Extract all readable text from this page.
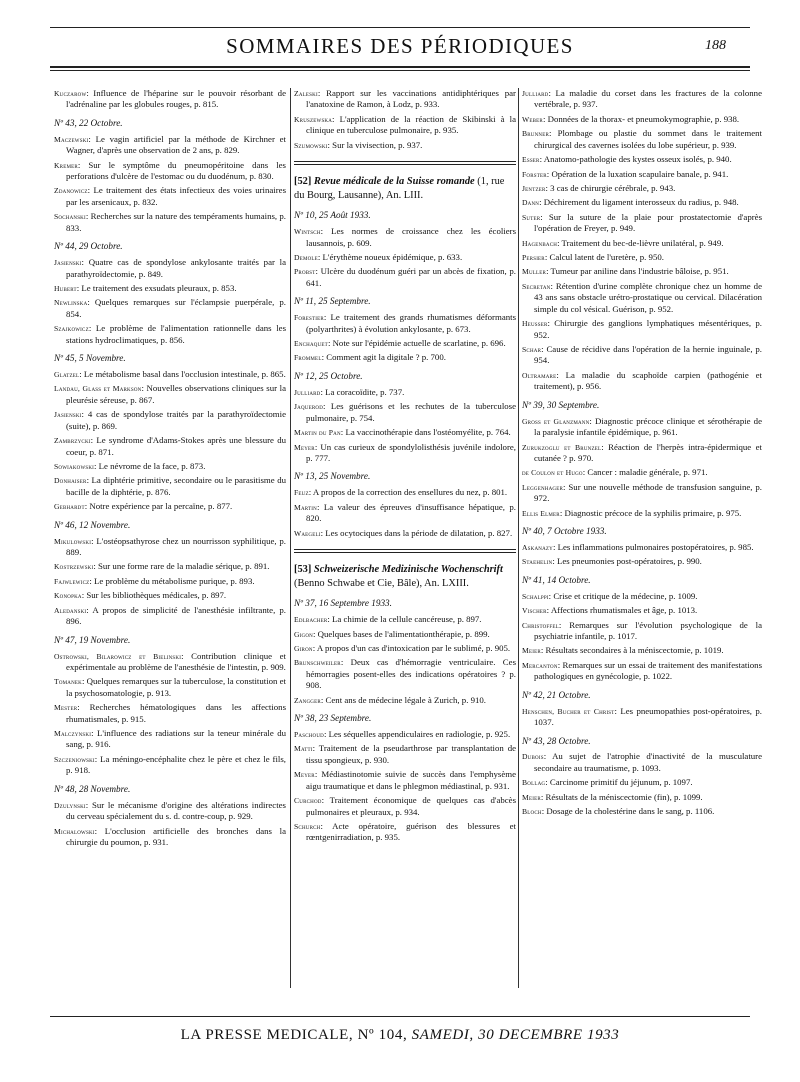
SOMMAIRES DES PÉRIODIQUES	188
Kuczarow: Influence de l'héparine sur le pouvoir résorbant de l'adrénaline par les globules rouges, p. 815.
Nº 43, 22 Octobre.
Maczewski: Le vagin artificiel par la méthode de Kirchner et Wagner, d'après une observation de 2 ans, p. 829.
Kremer: Sur le symptôme du pneumopéritoine dans les perforations d'ulcère de l'estomac ou du duodénum, p. 830.
Zdanowicz: Le traitement des états infectieux des voies urinaires par les arsenicaux, p. 832.
Sochanski: Recherches sur la nature des tempéraments humains, p. 833.
Nº 44, 29 Octobre.
Jasienski: Quatre cas de spondylose ankylosante traités par la parathyroïdectomie, p. 849.
Hubert: Le traitement des exsudats pleuraux, p. 853.
Newlinska: Quelques remarques sur l'éclampsie puerpérale, p. 854.
Szajkowicz: Le problème de l'alimentation rationnelle dans les stations hydroclimatiques, p. 856.
Nº 45, 5 Novembre.
Glatzel: Le métabolisme basal dans l'occlusion intestinale, p. 865.
Landau, Glass et Markson: Nouvelles observations cliniques sur la pleurésie séreuse, p. 867.
Jasienski: 4 cas de spondylose traités par la parathyroïdectomie (suite), p. 869.
Zambrzycki: Le syndrome d'Adams-Stokes après une blessure du coeur, p. 871.
Sowiakowski: Le névrome de la face, p. 873.
Donhaiser: La diphtérie primitive, secondaire ou le parasitisme du bacille de la diphtérie, p. 876.
Gebhardt: Notre expérience par la percaïne, p. 877.
Nº 46, 12 Novembre.
Mikulowski: L'ostéopsathyrose chez un nourrisson syphilitique, p. 889.
Kostrzewski: Sur une forme rare de la maladie sérique, p. 891.
Fajwlewicz: Le problème du métabolisme purique, p. 893.
Konopka: Sur les bibliothèques médicales, p. 897.
Aledanski: A propos de simplicité de l'anesthésie infiltrante, p. 896.
Nº 47, 19 Novembre.
Ostrowski, Bilarowicz et Bielinski: Contribution clinique et expérimentale au problème de l'anesthésie de l'intestin, p. 909.
Tomanek: Quelques remarques sur la tuberculose, la constitution et la psychosomatologie, p. 913.
Mester: Recherches hématologiques dans les affections rhumatismales, p. 915.
Malczynski: L'influence des radiations sur la teneur minérale du sang, p. 916.
Szczeniowski: La méningo-encéphalite chez le père et chez le fils, p. 918.
Nº 48, 28 Novembre.
Dzulynski: Sur le mécanisme d'origine des altérations indirectes du cerveau spécialement du s. d. contre-coup, p. 929.
Michalowski: L'occlusion artificielle des bronches dans la chirurgie du poumon, p. 931.
Zaleski: Rapport sur les vaccinations antidiphtériques par l'anatoxine de Ramon, à Lodz, p. 933.
Kruszewska: L'application de la réaction de Skibinski à la clinique en tuberculose pulmonaire, p. 935.
Szumowski: Sur la vivisection, p. 937.
[52] Revue médicale de la Suisse romande (1, rue du Bourg, Lausanne), An. LIII.
Nº 10, 25 Août 1933.
Wintsch: Les normes de croissance chez les écoliers lausannois, p. 609.
Demole: L'érythème noueux épidémique, p. 633.
Probst: Ulcère du duodénum guéri par un abcès de fixation, p. 641.
Nº 11, 25 Septembre.
Forestier: Le traitement des grands rhumatismes déformants (polyarthrites) à évolution ankylosante, p. 673.
Enchaquet: Note sur l'épidémie actuelle de scarlatine, p. 696.
Frommel: Comment agit la digitale ? p. 700.
Nº 12, 25 Octobre.
Julliard: La coracoïdite, p. 737.
Jaquerod: Les guérisons et les rechutes de la tuberculose pulmonaire, p. 754.
Martin du Pan: La vaccinothérapie dans l'ostéomyélite, p. 764.
Meyer: Un cas curieux de spondylolisthésis juvénile indolore, p. 777.
Nº 13, 25 Novembre.
Feuz: A propos de la correction des ensellures du nez, p. 801.
Martin: La valeur des épreuves d'insuffisance hépatique, p. 820.
Waegeli: Les ocytociques dans la période de dilatation, p. 827.
[53] Schweizerische Medizinische Wochenschrift (Benno Schwabe et Cie, Bâle), An. LXIII.
Nº 37, 16 Septembre 1933.
Edlbacher: La chimie de la cellule cancéreuse, p. 897.
Gigon: Quelques bases de l'alimentationthérapie, p. 899.
Giron: A propos d'un cas d'intoxication par le sublimé, p. 905.
Brunschweiler: Deux cas d'hémorragie ventriculaire. Ces hémorragies posent-elles des indications opératoires ? p. 908.
Zangger: Cent ans de médecine légale à Zurich, p. 910.
Nº 38, 23 Septembre.
Paschoud: Les séquelles appendiculaires en radiologie, p. 925.
Matti: Traitement de la pseudarthrose par transplantation de tissu spongieux, p. 930.
Meyer: Médiastinotomie suivie de succès dans l'emphysème aigu traumatique et dans le phlegmon médiastinal, p. 931.
Curchod: Traitement économique de quelques cas d'abcès pulmonaires et pleuraux, p. 934.
Schurch: Acte opératoire, guérison des blessures et rœntgenirradiation, p. 935.
Julliard: La maladie du corset dans les fractures de la colonne vertébrale, p. 937.
Weber: Données de la thorax- et pneumokymographie, p. 938.
Brunner: Plombage ou plastie du sommet dans le traitement chirurgical des cavernes isolées du lobe supérieur, p. 939.
Esser: Anatomo-pathologie des kystes osseux isolés, p. 940.
Forster: Opération de la luxation scapulaire banale, p. 941.
Jentzer: 3 cas de chirurgie cérébrale, p. 943.
Dann: Déchirement du ligament interosseux du radius, p. 948.
Suter: Sur la suture de la plaie pour prostatectomie d'après l'opération de Freyer, p. 949.
Hagenbach: Traitement du bec-de-lièvre unilatéral, p. 949.
Persier: Calcul latent de l'uretère, p. 950.
Muller: Tumeur par aniline dans l'industrie bâloise, p. 951.
Secretan: Rétention d'urine complète chronique chez un homme de 43 ans sans obstacle urétro-prostatique ou cervical. Dilacération simple du col vésical. Guérison, p. 952.
Heusser: Chirurgie des ganglions lymphatiques mésentériques, p. 952.
Schar: Cause de récidive dans l'opération de la hernie inguinale, p. 954.
Oltramare: La maladie du scaphoïde carpien (pathogénie et traitement), p. 956.
Nº 39, 30 Septembre.
Gross et Glanzmann: Diagnostic précoce clinique et sérothérapie de la paralysie infantile épidémique, p. 961.
Zurukzoglu et Brunzel: Réaction de l'herpès intra-épidermique et cutanée ? p. 970.
de Coulon et Hugo: Cancer : maladie générale, p. 971.
Leggenhager: Sur une nouvelle méthode de transfusion sanguine, p. 972.
Ellis Elmer: Diagnostic précoce de la syphilis primaire, p. 975.
Nº 40, 7 Octobre 1933.
Askanazy: Les inflammations pulmonaires postopératoires, p. 985.
Staehelin: Les pneumonies post-opératoires, p. 990.
Nº 41, 14 Octobre.
Schalppi: Crise et critique de la médecine, p. 1009.
Vischer: Affections rhumatismales et âge, p. 1013.
Christoffel: Remarques sur l'évolution psychologique de la psychiatrie infantile, p. 1017.
Meier: Résultats secondaires à la méniscectomie, p. 1019.
Mercanton: Remarques sur un essai de traitement des manifestations pathologiques en gynécologie, p. 1022.
Nº 42, 21 Octobre.
Henschen, Bucher et Christ: Les pneumopathies post-opératoires, p. 1037.
Nº 43, 28 Octobre.
Dubois: Au sujet de l'atrophie d'inactivité de la musculature secondaire au traumatisme, p. 1093.
Bollag: Carcinome primitif du jéjunum, p. 1097.
Meier: Résultats de la méniscectomie (fin), p. 1099.
Bloch: Dosage de la cholestérine dans le sang, p. 1106.
LA PRESSE MEDICALE, Nº 104, SAMEDI, 30 DECEMBRE 1933
